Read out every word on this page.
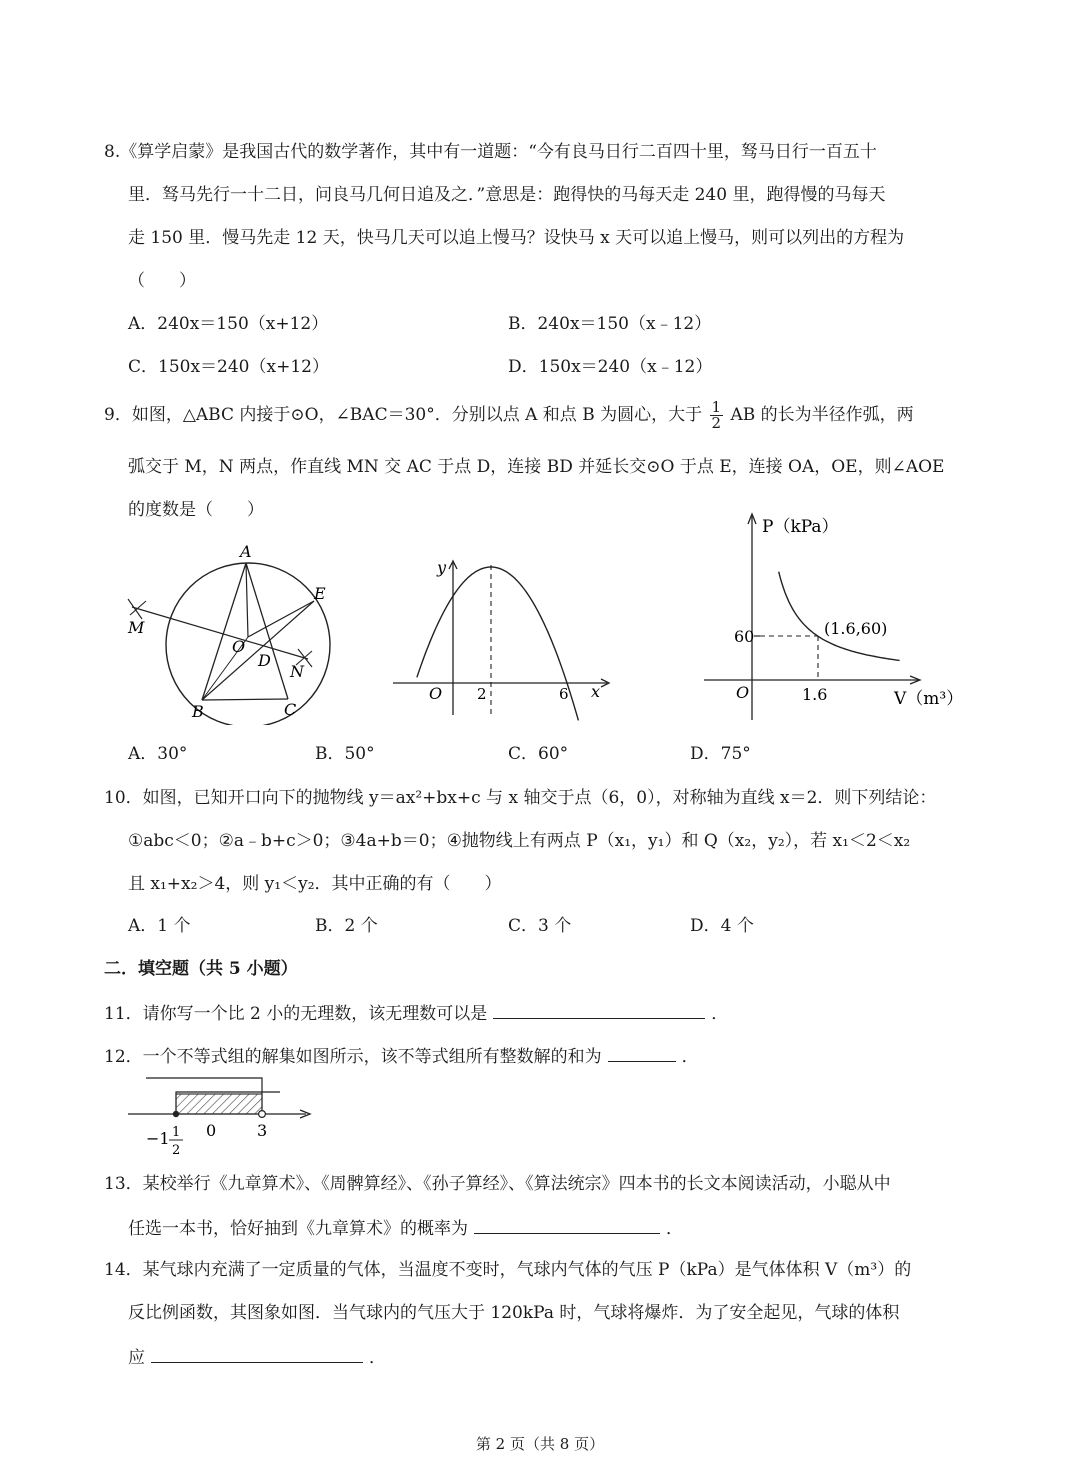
8.《算学启蒙》是我国古代的数学著作，其中有一道题：“今有良马日行二百四十里，驽马日行一百五十
里．驽马先行一十二日，问良马几何日追及之．”意思是：跑得快的马每天走 240 里，跑得慢的马每天
走 150 里．慢马先走 12 天，快马几天可以追上慢马？设快马 x 天可以追上慢马，则可以列出的方程为
（　　）
A．240x＝150（x+12）	B．240x＝150（x﹣12）
C．150x＝240（x+12）	D．150x＝240（x﹣12）
9．如图，△ABC 内接于⊙O，∠BAC＝30°．分别以点 A 和点 B 为圆心，大于 $\frac{1}{2}$ AB 的长为半径作弧，两
弧交于 M，N 两点，作直线 MN 交 AC 于点 D，连接 BD 并延长交⊙O 于点 E，连接 OA，OE，则∠AOE
的度数是（　　）
A
B	C
D
E
M
N
O
y
x
O 2	6
P（kPa）
V（m³）
O
60
1.6
(1.6,60)
A．30°	B．50°	C．60°	D．75°
10．如图，已知开口向下的抛物线 y＝ax²+bx+c 与 x 轴交于点（6，0），对称轴为直线 x＝2．则下列结论：
①abc＜0；②a﹣b+c＞0；③4a+b＝0；④抛物线上有两点 P（x₁，y₁）和 Q（x₂，y₂），若 x₁＜2＜x₂
且 x₁+x₂＞4，则 y₁＜y₂．其中正确的有（　　）
A．1 个	B．2 个	C．3 个	D．4 个
二．填空题（共 5 小题）
11．请你写一个比 2 小的无理数，该无理数可以是	．
12．一个不等式组的解集如图所示，该不等式组所有整数解的和为	．
−1 1
2
0	3
13．某校举行《九章算术》、《周髀算经》、《孙子算经》、《算法统宗》四本书的长文本阅读活动，小聪从中
任选一本书，恰好抽到《九章算术》的概率为	．
14．某气球内充满了一定质量的气体，当温度不变时，气球内气体的气压 P（kPa）是气体体积 V（m³）的
反比例函数，其图象如图．当气球内的气压大于 120kPa 时，气球将爆炸．为了安全起见，气球的体积
应	．
第 2 页（共 8 页）
